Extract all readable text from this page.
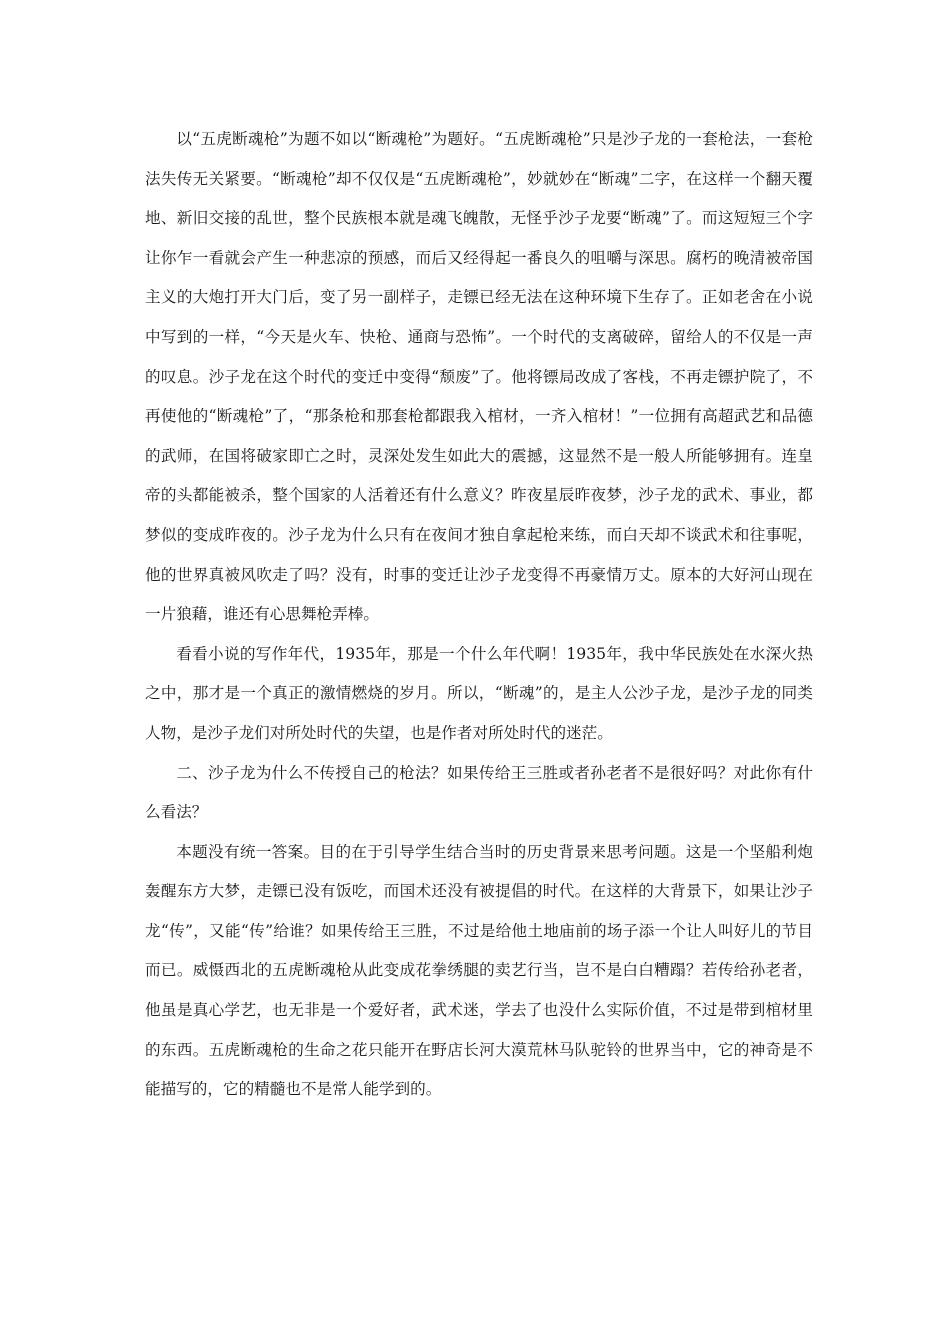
以“五虎断魂枪”为题不如以“断魂枪”为题好。“五虎断魂枪”只是沙子龙的一套枪法，一套枪法失传无关紧要。“断魂枪”却不仅仅是“五虎断魂枪”，妙就妙在“断魂”二字，在这样一个翻天覆地、新旧交接的乱世，整个民族根本就是魂飞魄散，无怪乎沙子龙要“断魂”了。而这短短三个字让你乍一看就会产生一种悲凉的预感，而后又经得起一番良久的咀嚼与深思。腐朽的晚清被帝国主义的大炮打开大门后，变了另一副样子，走镖已经无法在这种环境下生存了。正如老舍在小说中写到的一样，“今天是火车、快枪、通商与恐怖”。一个时代的支离破碎，留给人的不仅是一声的叹息。沙子龙在这个时代的变迁中变得“颓废”了。他将镖局改成了客栈，不再走镖护院了，不再使他的“断魂枪”了，“那条枪和那套枪都跟我入棺材，一齐入棺材！”一位拥有高超武艺和品德的武师，在国将破家即亡之时，灵深处发生如此大的震撼，这显然不是一般人所能够拥有。连皇帝的头都能被杀，整个国家的人活着还有什么意义？昨夜星辰昨夜梦，沙子龙的武术、事业，都梦似的变成昨夜的。沙子龙为什么只有在夜间才独自拿起枪来练，而白天却不谈武术和往事呢，他的世界真被风吹走了吗？没有，时事的变迁让沙子龙变得不再豪情万丈。原本的大好河山现在一片狼藉，谁还有心思舞枪弄棒。

看看小说的写作年代，1935年，那是一个什么年代啊！1935年，我中华民族处在水深火热之中，那才是一个真正的激情燃烧的岁月。所以，“断魂”的，是主人公沙子龙，是沙子龙的同类人物，是沙子龙们对所处时代的失望，也是作者对所处时代的迷茫。

二、沙子龙为什么不传授自己的枪法？如果传给王三胜或者孙老者不是很好吗？对此你有什么看法？

本题没有统一答案。目的在于引导学生结合当时的历史背景来思考问题。这是一个坚船利炮轰醒东方大梦，走镖已没有饭吃，而国术还没有被提倡的时代。在这样的大背景下，如果让沙子龙“传”，又能“传”给谁？如果传给王三胜，不过是给他土地庙前的场子添一个让人叫好儿的节目而已。威慑西北的五虎断魂枪从此变成花拳绣腿的卖艺行当，岂不是白白糟蹋？若传给孙老者，他虽是真心学艺，也无非是一个爱好者，武术迷，学去了也没什么实际价值，不过是带到棺材里的东西。五虎断魂枪的生命之花只能开在野店长河大漠荒林马队驼铃的世界当中，它的神奇是不能描写的，它的精髓也不是常人能学到的。
